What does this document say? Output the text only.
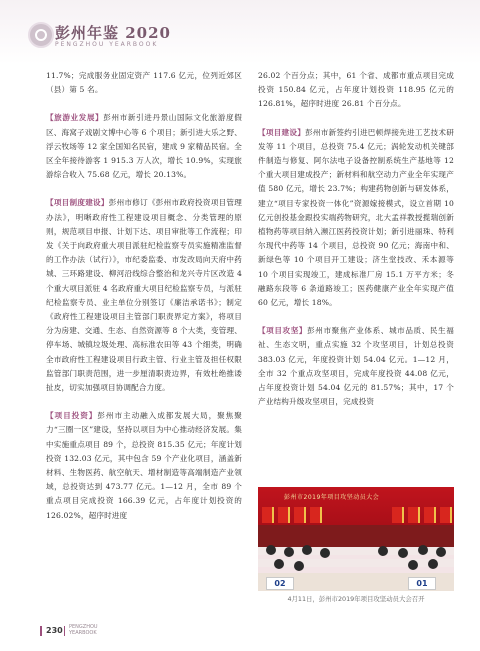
彭州年鉴 2020
PENGZHOU YEARBOOK

11.7%；完成服务业固定资产 117.6 亿元，位列近郊区（县）第 5 名。

【旅游业发展】彭州市新引进丹景山国际文化旅游度假区、海窝子戏剧文博中心等 6 个项目；新引进大乐之野、浮云牧场等 12 家全国知名民宿，建成 9 家精品民宿。全区全年接待游客 1 915.3 万人次，增长 10.9%，实现旅游综合收入 75.68 亿元，增长 20.13%。

【项目制度建设】彭州市修订《彭州市政府投资项目管理办法》，明晰政府性工程建设项目概念、分类管理的原则，规范项目申报、计划下达、项目审批等工作流程；印发《关于向政府重大项目派驻纪检监察专员实施精准监督的工作办法（试行）》，市纪委监委、市发改局向天府中药城、三环路建设、柳河沿线综合整治和龙兴寺片区改造 4 个重大项目派驻 4 名政府重大项目纪检监察专员，与派驻纪检监察专员、业主单位分别签订《廉洁承诺书》；制定《政府性工程建设项目主管部门职责界定方案》，将项目分为房建、交通、生态、自然资源等 8 个大类，变管理、停车场、城镇垃圾处理、高标准农田等 43 个细类，明确全市政府性工程建设项目行政主管、行业主管及担任权限监管部门职责范围，进一步厘清职责边界，有效杜绝推诿扯皮，切实加强项目协调配合力度。

【项目投资】彭州市主动融入成都发展大局，聚焦聚力“三圈一区”建设，坚持以项目为中心推动经济发展。集中实施重点项目 89 个，总投资 815.35 亿元；年度计划投资 132.03 亿元，其中包含 59 个产业化项目，涵盖新材料、生物医药、航空航天、增材制造等高端制造产业领域，总投资达到 473.77 亿元。1—12 月，全市 89 个重点项目完成投资 166.39 亿元，占年度计划投资的 126.02%，超序时进度

26.02 个百分点；其中，61 个省、成都市重点项目完成投资 150.84 亿元，占年度计划投资 118.95 亿元的 126.81%，超序时进度 26.81 个百分点。

【项目建设】彭州市新签约引进巴顿焊接先进工艺技术研发等 11 个项目，总投资 75.4 亿元；涡轮发动机关键部件制造与修复、阿尔法电子设备控制系统生产基地等 12 个重大项目建成投产；新材料和航空动力产业全年实现产值 580 亿元，增长 23.7%；构建药物创新与研发体系，建立“项目专家投资一体化”资源嫁接模式，设立首期 10 亿元创投基金跟投实端药物研究，北大孟祥教授揽瑞创新植物药等项目纳入濒江医药投资计划；新引进丽珠、特利尔现代中药等 14 个项目，总投资 90 亿元；海南中和、新绿色等 10 个项目开工建设；济生堂技改、禾本源等 10 个项目实现竣工，建成标准厂房 15.1 万平方米；冬融路东段等 6 条道路竣工；医药健康产业全年实现产值 60 亿元，增长 18%。

【项目攻坚】彭州市聚焦产业体系、城市品质、民生福祉、生态文明，重点实施 32 个攻坚项目，计划总投资 383.03 亿元，年度投资计划 54.04 亿元。1—12 月，全市 32 个重点攻坚项目，完成年度投资 44.08 亿元，占年度投资计划 54.04 亿元的 81.57%；其中，17 个产业结构升级攻坚项目，完成投资

彭州市2019年项目攻坚动员大会
02	01
4月11日，彭州市2019年项目攻坚动员大会召开
230 PENGZHOU
YEARBOOK
